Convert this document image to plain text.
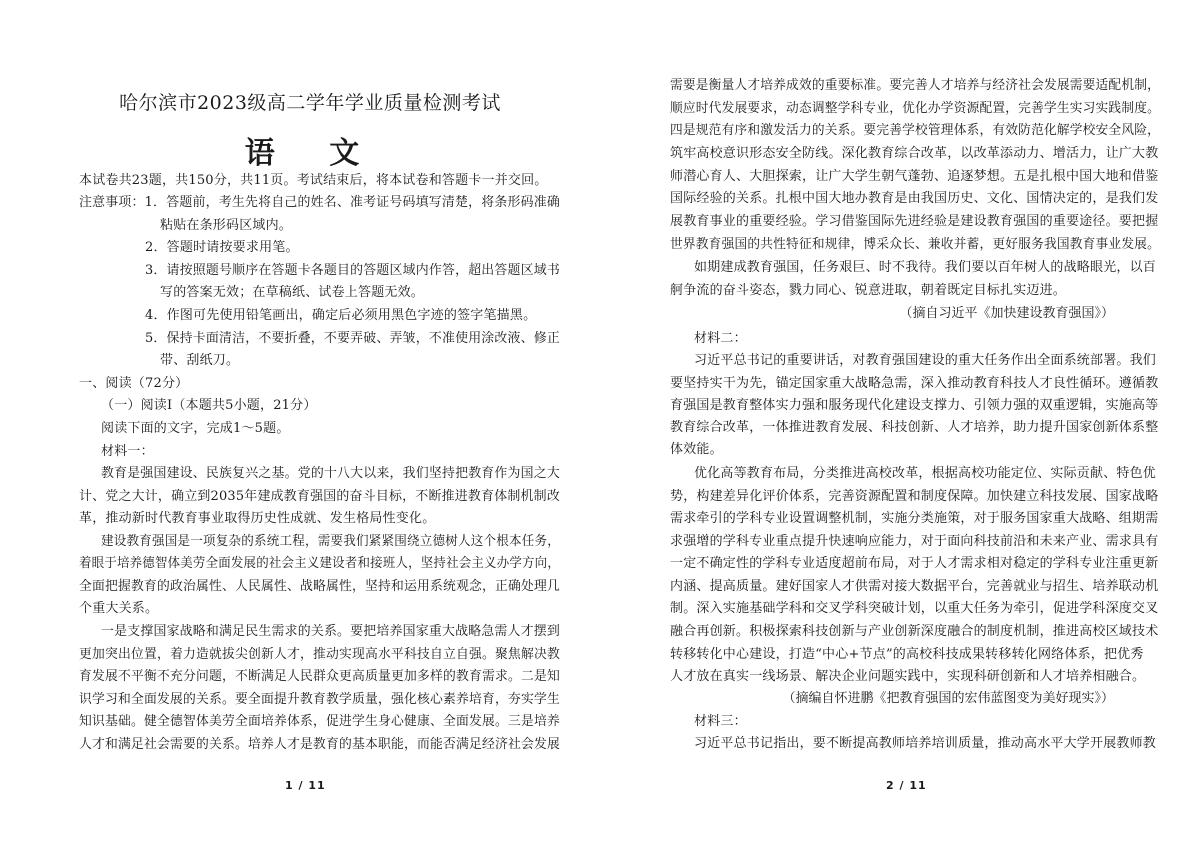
哈尔滨市2023级高二学年学业质量检测考试
语 文
本试卷共23题，共150分，共11页。考试结束后，将本试卷和答题卡一并交回。
注意事项：1．答题前，考生先将自己的姓名、准考证号码填写清楚，将条形码准确
粘贴在条形码区域内。
2．答题时请按要求用笔。
3．请按照题号顺序在答题卡各题目的答题区域内作答，超出答题区域书
写的答案无效；在草稿纸、试卷上答题无效。
4．作图可先使用铅笔画出，确定后必须用黑色字迹的签字笔描黑。
5．保持卡面清洁，不要折叠，不要弄破、弄皱，不准使用涂改液、修正
带、刮纸刀。
一、阅读（72分）
（一）阅读Ⅰ（本题共5小题，21分）
阅读下面的文字，完成1～5题。
材料一：
教育是强国建设、民族复兴之基。党的十八大以来，我们坚持把教育作为国之大
计、党之大计，确立到2035年建成教育强国的奋斗目标，不断推进教育体制机制改
革，推动新时代教育事业取得历史性成就、发生格局性变化。
建设教育强国是一项复杂的系统工程，需要我们紧紧围绕立德树人这个根本任务，
着眼于培养德智体美劳全面发展的社会主义建设者和接班人，坚持社会主义办学方向，
全面把握教育的政治属性、人民属性、战略属性，坚持和运用系统观念，正确处理几
个重大关系。
一是支撑国家战略和满足民生需求的关系。要把培养国家重大战略急需人才摆到
更加突出位置，着力造就拔尖创新人才，推动实现高水平科技自立自强。聚焦解决教
育发展不平衡不充分问题，不断满足人民群众更高质量更加多样的教育需求。二是知
识学习和全面发展的关系。要全面提升教育教学质量，强化核心素养培育，夯实学生
知识基础。健全德智体美劳全面培养体系，促进学生身心健康、全面发展。三是培养
人才和满足社会需要的关系。培养人才是教育的基本职能，而能否满足经济社会发展
1 / 11
需要是衡量人才培养成效的重要标准。要完善人才培养与经济社会发展需要适配机制，
顺应时代发展要求，动态调整学科专业，优化办学资源配置，完善学生实习实践制度。
四是规范有序和激发活力的关系。要完善学校管理体系，有效防范化解学校安全风险，
筑牢高校意识形态安全防线。深化教育综合改革，以改革添动力、增活力，让广大教
师潜心育人、大胆探索，让广大学生朝气蓬勃、追逐梦想。五是扎根中国大地和借鉴
国际经验的关系。扎根中国大地办教育是由我国历史、文化、国情决定的，是我们发
展教育事业的重要经验。学习借鉴国际先进经验是建设教育强国的重要途径。要把握
世界教育强国的共性特征和规律，博采众长、兼收并蓄，更好服务我国教育事业发展。
如期建成教育强国，任务艰巨、时不我待。我们要以百年树人的战略眼光，以百
舸争流的奋斗姿态，戮力同心、锐意进取，朝着既定目标扎实迈进。
（摘自习近平《加快建设教育强国》）
材料二：
习近平总书记的重要讲话，对教育强国建设的重大任务作出全面系统部署。我们
要坚持实干为先，锚定国家重大战略急需，深入推动教育科技人才良性循环。遵循教
育强国是教育整体实力强和服务现代化建设支撑力、引领力强的双重逻辑，实施高等
教育综合改革，一体推进教育发展、科技创新、人才培养，助力提升国家创新体系整
体效能。
优化高等教育布局，分类推进高校改革，根据高校功能定位、实际贡献、特色优
势，构建差异化评价体系，完善资源配置和制度保障。加快建立科技发展、国家战略
需求牵引的学科专业设置调整机制，实施分类施策，对于服务国家重大战略、组期需
求强增的学科专业重点提升快速响应能力，对于面向科技前沿和未来产业、需求具有
一定不确定性的学科专业适度超前布局，对于人才需求相对稳定的学科专业注重更新
内涵、提高质量。建好国家人才供需对接大数据平台，完善就业与招生、培养联动机
制。深入实施基础学科和交叉学科突破计划，以重大任务为牵引，促进学科深度交叉
融合再创新。积极探索科技创新与产业创新深度融合的制度机制，推进高校区域技术
转移转化中心建设，打造“中心+节点”的高校科技成果转移转化网络体系，把优秀
人才放在真实一线场景、解决企业问题实践中，实现科研创新和人才培养相融合。
（摘编自怀进鹏《把教育强国的宏伟蓝图变为美好现实》）
材料三：
习近平总书记指出，要不断提高教师培养培训质量，推动高水平大学开展教师教
2 / 11
